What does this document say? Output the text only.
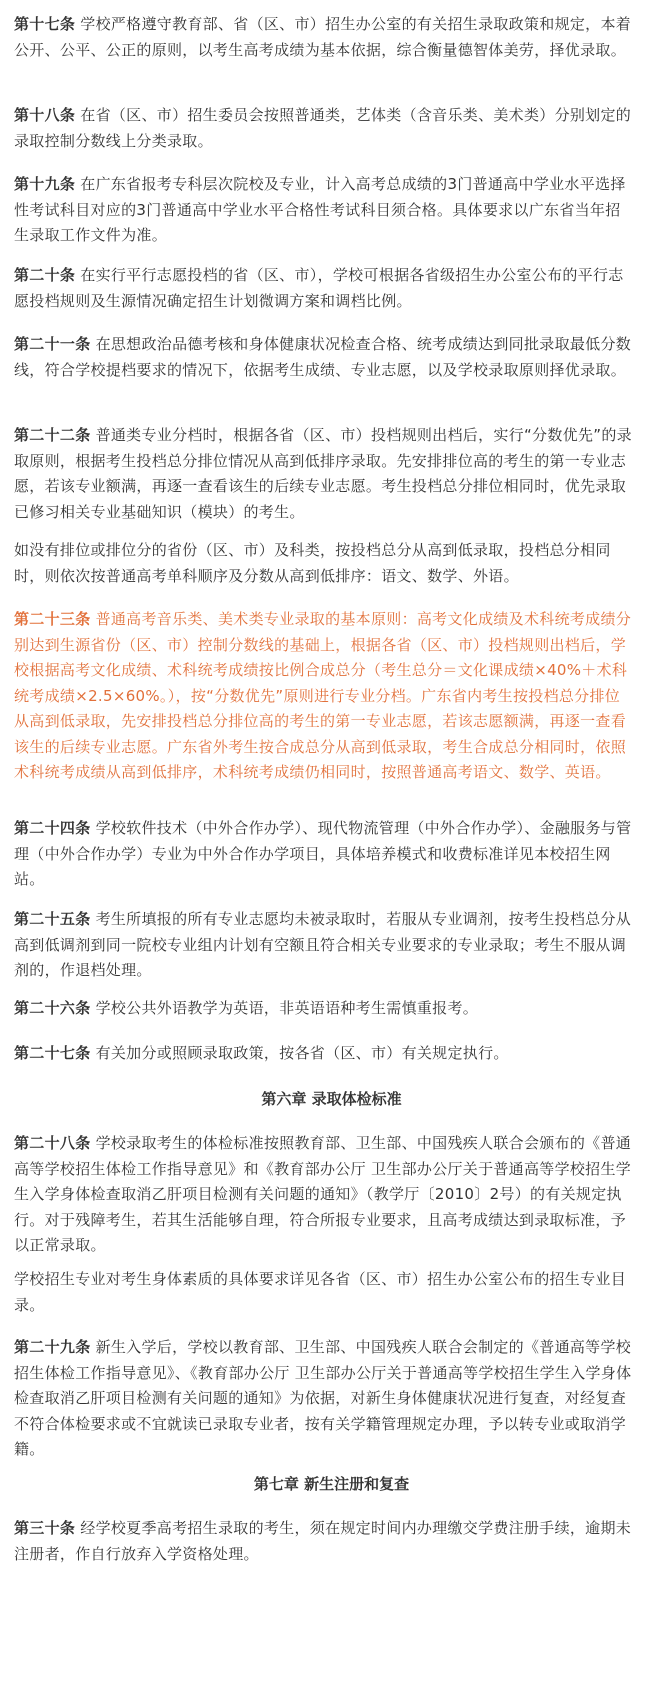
第十七条 学校严格遵守教育部、省（区、市）招生办公室的有关招生录取政策和规定，本着公开、公平、公正的原则，以考生高考成绩为基本依据，综合衡量德智体美劳，择优录取。

第十八条 在省（区、市）招生委员会按照普通类，艺体类（含音乐类、美术类）分别划定的录取控制分数线上分类录取。

第十九条 在广东省报考专科层次院校及专业，计入高考总成绩的3门普通高中学业水平选择性考试科目对应的3门普通高中学业水平合格性考试科目须合格。具体要求以广东省当年招生录取工作文件为准。

第二十条 在实行平行志愿投档的省（区、市），学校可根据各省级招生办公室公布的平行志愿投档规则及生源情况确定招生计划微调方案和调档比例。

第二十一条 在思想政治品德考核和身体健康状况检查合格、统考成绩达到同批录取最低分数线，符合学校提档要求的情况下，依据考生成绩、专业志愿，以及学校录取原则择优录取。

第二十二条 普通类专业分档时，根据各省（区、市）投档规则出档后，实行“分数优先”的录取原则，根据考生投档总分排位情况从高到低排序录取。先安排排位高的考生的第一专业志愿，若该专业额满，再逐一查看该生的后续专业志愿。考生投档总分排位相同时，优先录取已修习相关专业基础知识（模块）的考生。

如没有排位或排位分的省份（区、市）及科类，按投档总分从高到低录取，投档总分相同时，则依次按普通高考单科顺序及分数从高到低排序：语文、数学、外语。

第二十三条 普通高考音乐类、美术类专业录取的基本原则：高考文化成绩及术科统考成绩分别达到生源省份（区、市）控制分数线的基础上，根据各省（区、市）投档规则出档后，学校根据高考文化成绩、术科统考成绩按比例合成总分（考生总分＝文化课成绩×40%＋术科统考成绩×2.5×60%。），按“分数优先”原则进行专业分档。广东省内考生按投档总分排位从高到低录取，先安排投档总分排位高的考生的第一专业志愿，若该志愿额满，再逐一查看该生的后续专业志愿。广东省外考生按合成总分从高到低录取，考生合成总分相同时，依照术科统考成绩从高到低排序，术科统考成绩仍相同时，按照普通高考语文、数学、英语。

第二十四条 学校软件技术（中外合作办学）、现代物流管理（中外合作办学）、金融服务与管理（中外合作办学）专业为中外合作办学项目，具体培养模式和收费标准详见本校招生网站。

第二十五条 考生所填报的所有专业志愿均未被录取时，若服从专业调剂，按考生投档总分从高到低调剂到同一院校专业组内计划有空额且符合相关专业要求的专业录取；考生不服从调剂的，作退档处理。

第二十六条 学校公共外语教学为英语，非英语语种考生需慎重报考。

第二十七条 有关加分或照顾录取政策，按各省（区、市）有关规定执行。

第六章 录取体检标准

第二十八条 学校录取考生的体检标准按照教育部、卫生部、中国残疾人联合会颁布的《普通高等学校招生体检工作指导意见》和《教育部办公厅 卫生部办公厅关于普通高等学校招生学生入学身体检查取消乙肝项目检测有关问题的通知》（教学厅〔2010〕2号）的有关规定执行。对于残障考生，若其生活能够自理，符合所报专业要求，且高考成绩达到录取标准，予以正常录取。

学校招生专业对考生身体素质的具体要求详见各省（区、市）招生办公室公布的招生专业目录。

第二十九条 新生入学后，学校以教育部、卫生部、中国残疾人联合会制定的《普通高等学校招生体检工作指导意见》、《教育部办公厅 卫生部办公厅关于普通高等学校招生学生入学身体检查取消乙肝项目检测有关问题的通知》为依据，对新生身体健康状况进行复查，对经复查不符合体检要求或不宜就读已录取专业者，按有关学籍管理规定办理，予以转专业或取消学籍。

第七章 新生注册和复查

第三十条 经学校夏季高考招生录取的考生，须在规定时间内办理缴交学费注册手续，逾期未注册者，作自行放弃入学资格处理。
